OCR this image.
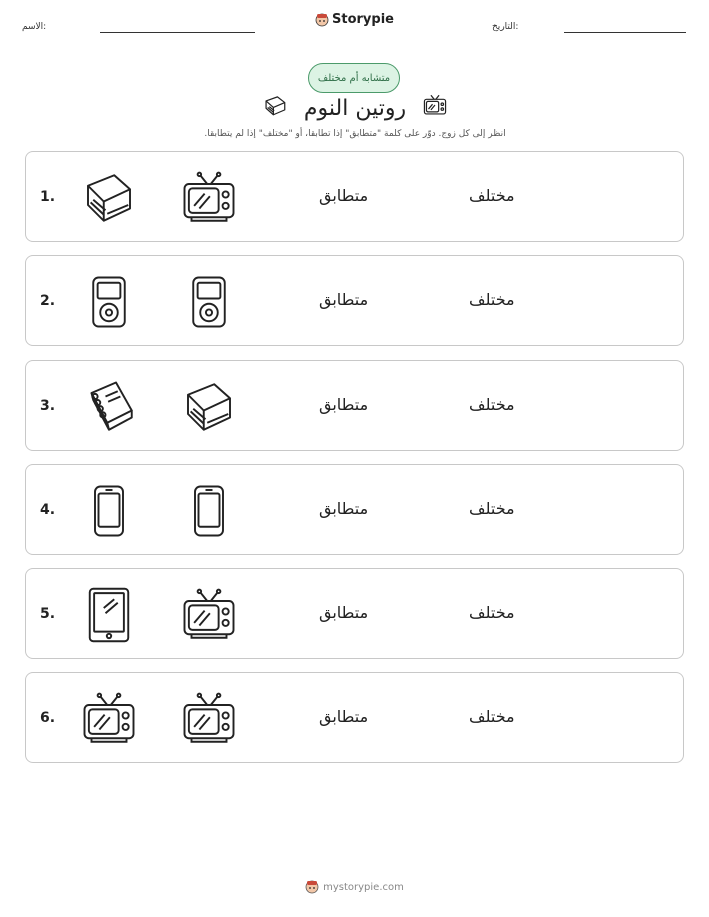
الاسم:	Storypie	التاريخ:
متشابه أم مختلف
روتين النوم
انظر إلى كل زوج. دوّر على كلمة "متطابق" إذا تطابقا، أو "مختلف" إذا لم يتطابقا.
1.	متطابق	مختلف
2.	متطابق	مختلف
3.	متطابق	مختلف
4.	متطابق	مختلف
5.	متطابق	مختلف
6.	متطابق	مختلف
mystorypie.com
